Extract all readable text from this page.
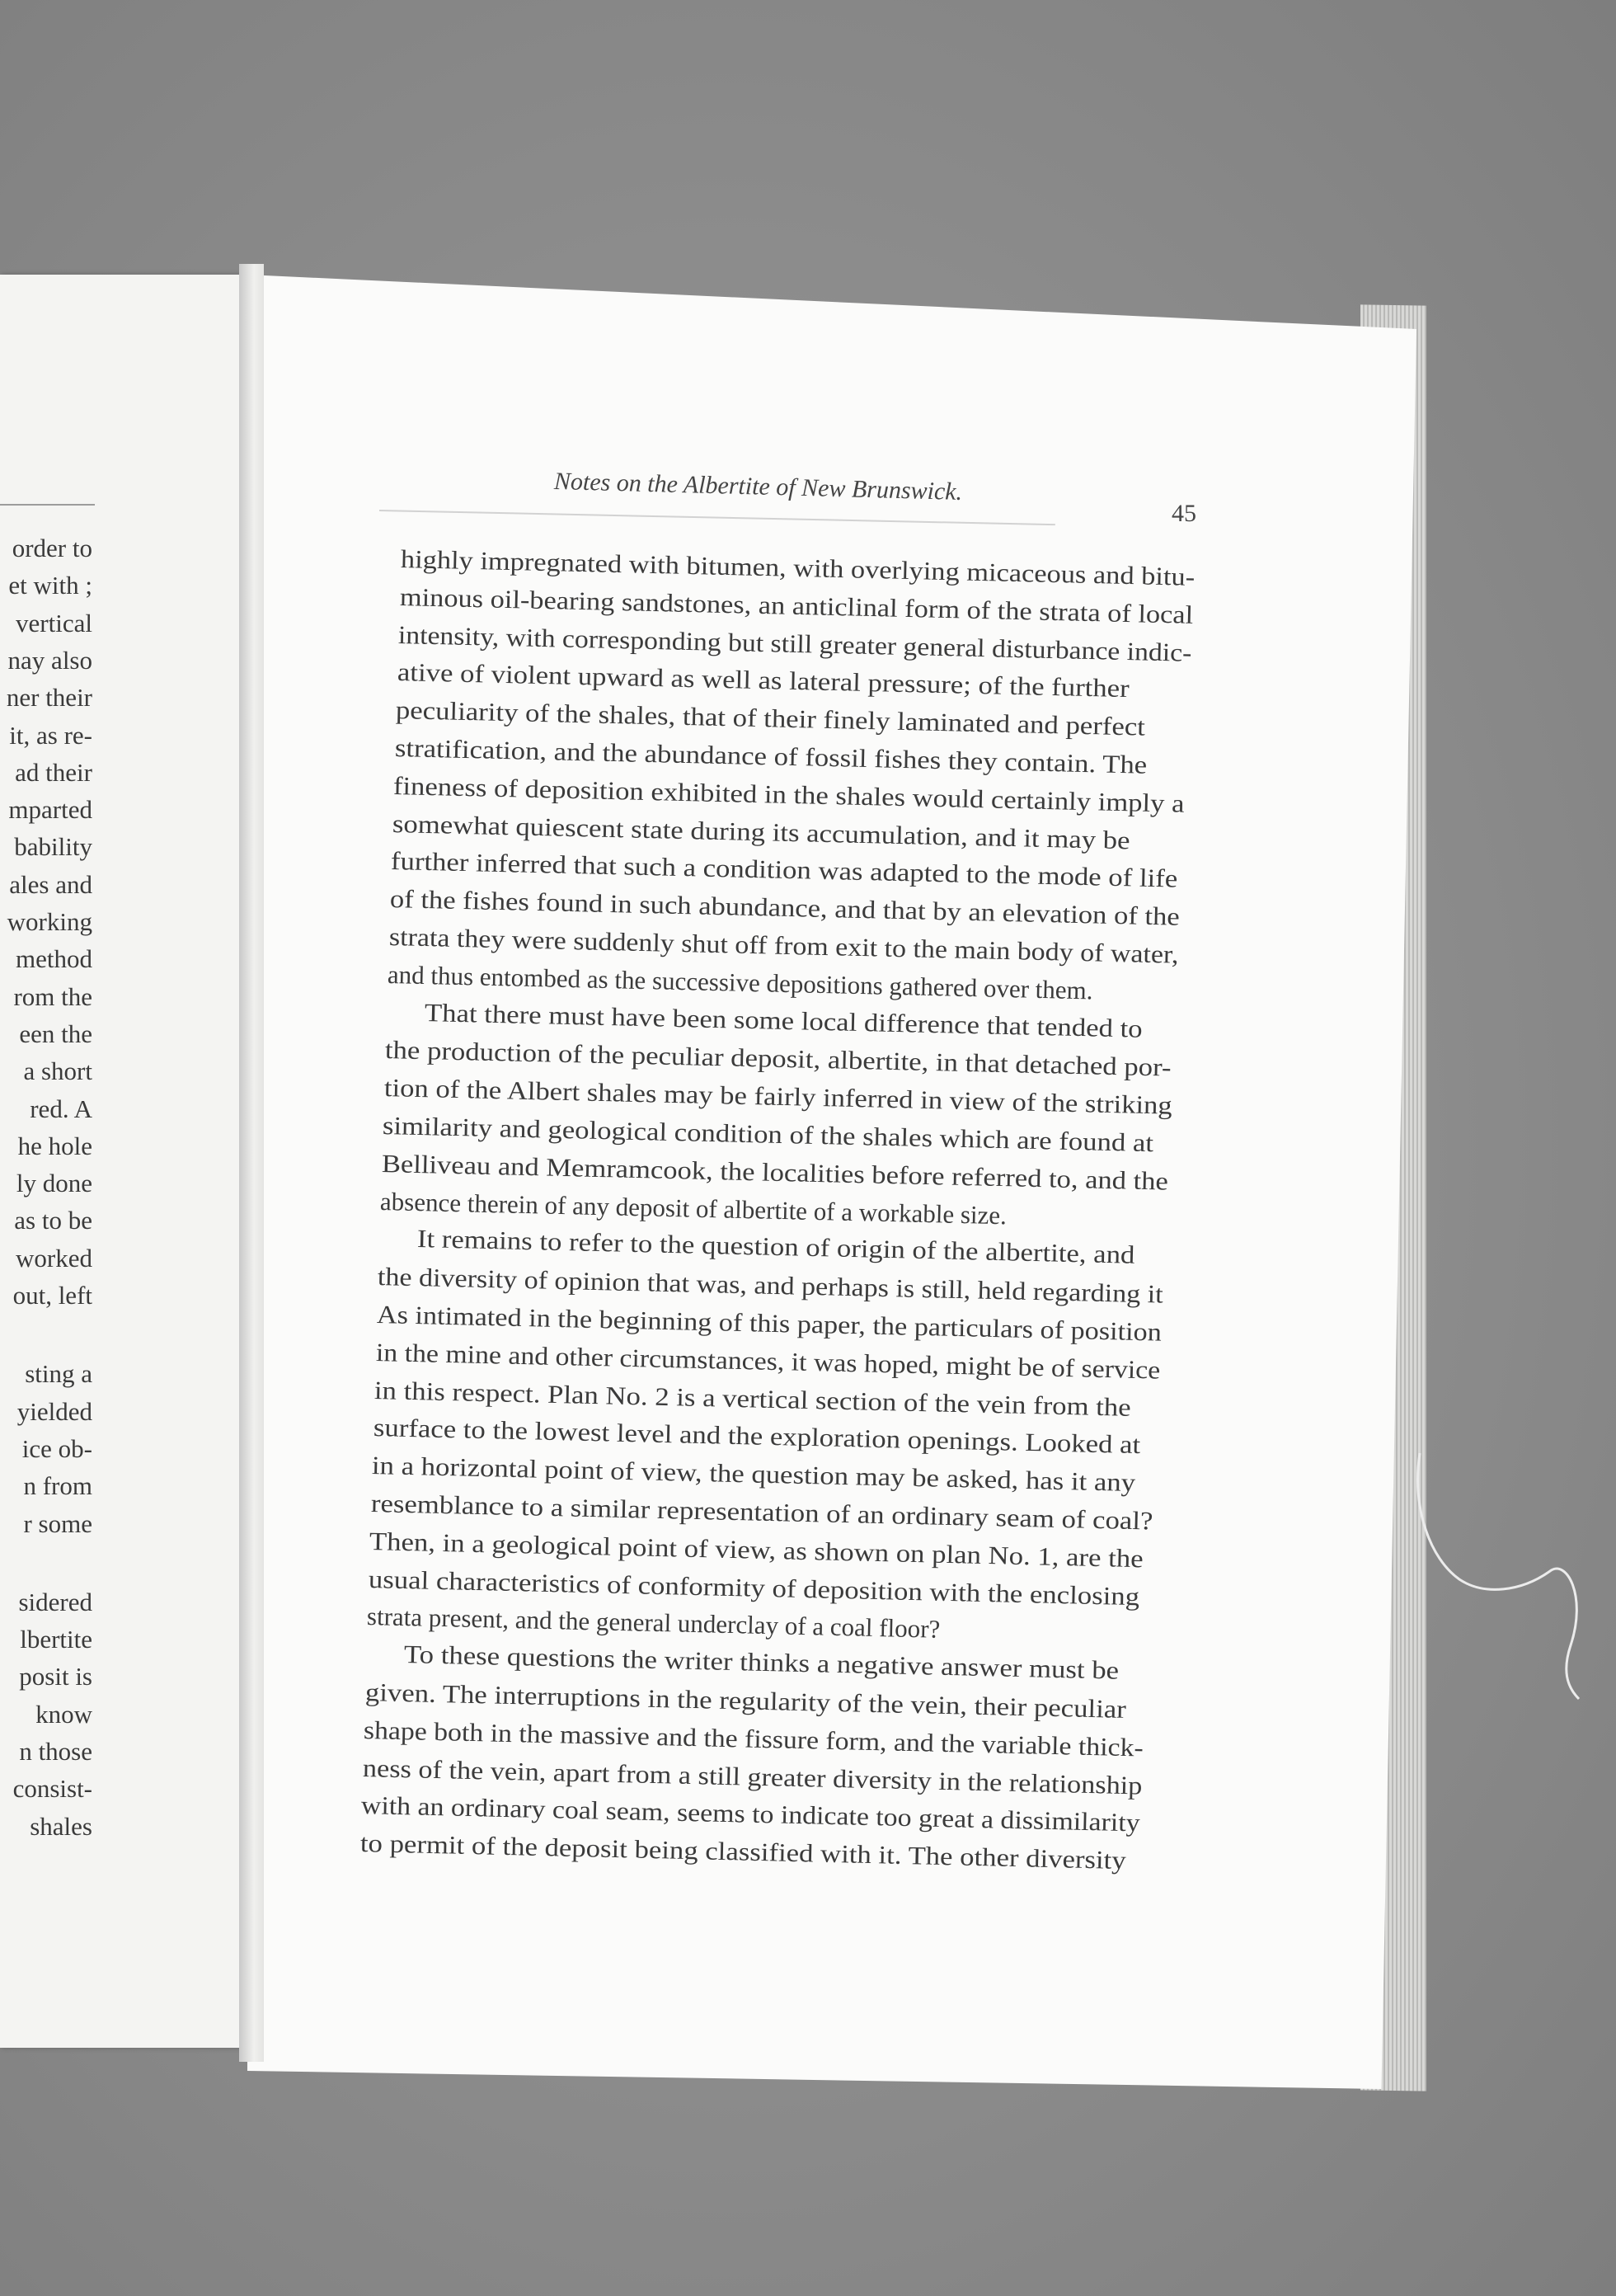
order to
et with ;
vertical
nay also
ner their
it, as re-
ad their
mparted
bability
ales and
working
method
rom the
een the
a short
red. A
he hole
ly done
as to be
worked
out, left
sting a
yielded
ice ob-
n from
r some
sidered
lbertite
posit is
know
n those
consist-
shales
Notes on the Albertite of New Brunswick.
45
highly impregnated with bitumen, with overlying micaceous and bitu-
minous oil-bearing sandstones, an anticlinal form of the strata of local
intensity, with corresponding but still greater general disturbance indic-
ative of violent upward as well as lateral pressure; of the further
peculiarity of the shales, that of their finely laminated and perfect
stratification, and the abundance of fossil fishes they contain. The
fineness of deposition exhibited in the shales would certainly imply a
somewhat quiescent state during its accumulation, and it may be
further inferred that such a condition was adapted to the mode of life
of the fishes found in such abundance, and that by an elevation of the
strata they were suddenly shut off from exit to the main body of water,
and thus entombed as the successive depositions gathered over them.
That there must have been some local difference that tended to
the production of the peculiar deposit, albertite, in that detached por-
tion of the Albert shales may be fairly inferred in view of the striking
similarity and geological condition of the shales which are found at
Belliveau and Memramcook, the localities before referred to, and the
absence therein of any deposit of albertite of a workable size.
It remains to refer to the question of origin of the albertite, and
the diversity of opinion that was, and perhaps is still, held regarding it
As intimated in the beginning of this paper, the particulars of position
in the mine and other circumstances, it was hoped, might be of service
in this respect. Plan No. 2 is a vertical section of the vein from the
surface to the lowest level and the exploration openings. Looked at
in a horizontal point of view, the question may be asked, has it any
resemblance to a similar representation of an ordinary seam of coal?
Then, in a geological point of view, as shown on plan No. 1, are the
usual characteristics of conformity of deposition with the enclosing
strata present, and the general underclay of a coal floor?
To these questions the writer thinks a negative answer must be
given. The interruptions in the regularity of the vein, their peculiar
shape both in the massive and the fissure form, and the variable thick-
ness of the vein, apart from a still greater diversity in the relationship
with an ordinary coal seam, seems to indicate too great a dissimilarity
to permit of the deposit being classified with it. The other diversity
